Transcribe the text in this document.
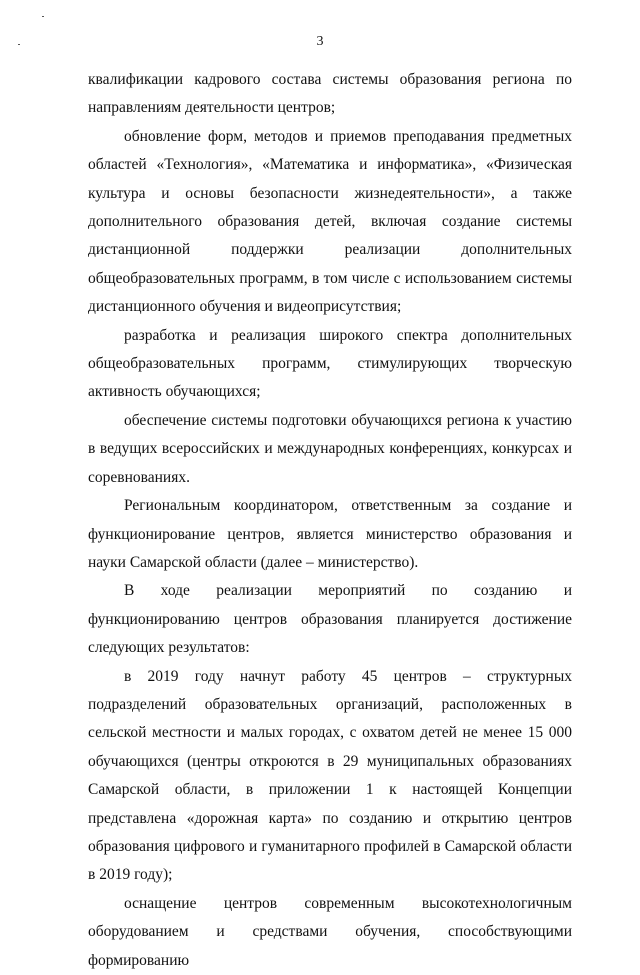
3

квалификации кадрового состава системы образования региона по направлениям деятельности центров;

обновление форм, методов и приемов преподавания предметных областей «Технология», «Математика и информатика», «Физическая культура и основы безопасности жизнедеятельности», а также дополнительного образования детей, включая создание системы дистанционной поддержки реализации дополнительных общеобразовательных программ, в том числе с использованием системы дистанционного обучения и видеоприсутствия;

разработка и реализация широкого спектра дополнительных общеобразовательных программ, стимулирующих творческую активность обучающихся;

обеспечение системы подготовки обучающихся региона к участию в ведущих всероссийских и международных конференциях, конкурсах и соревнованиях.

Региональным координатором, ответственным за создание и функционирование центров, является министерство образования и науки Самарской области (далее – министерство).

В ходе реализации мероприятий по созданию и функционированию центров образования планируется достижение следующих результатов:

в 2019 году начнут работу 45 центров – структурных подразделений образовательных организаций, расположенных в сельской местности и малых городах, с охватом детей не менее 15 000 обучающихся (центры откроются в 29 муниципальных образованиях Самарской области, в приложении 1 к настоящей Концепции представлена «дорожная карта» по созданию и открытию центров образования цифрового и гуманитарного профилей в Самарской области в 2019 году);

оснащение центров современным высокотехнологичным оборудованием и средствами обучения, способствующими формированию
